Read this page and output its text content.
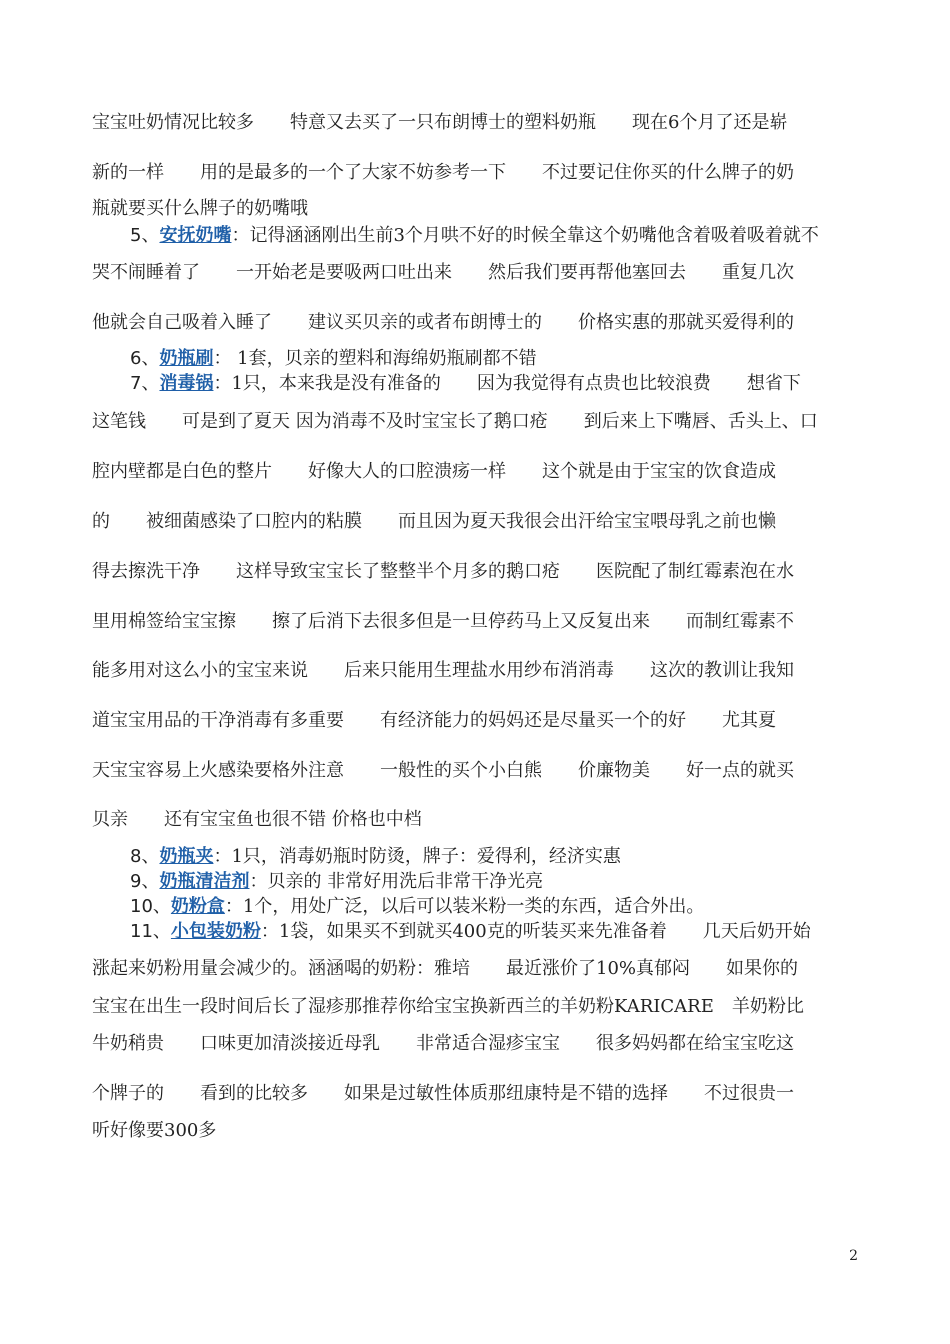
宝宝吐奶情况比较多　　特意又去买了一只布朗博士的塑料奶瓶　　现在6个月了还是崭
新的一样　　用的是最多的一个了大家不妨参考一下　　不过要记住你买的什么牌子的奶
瓶就要买什么牌子的奶嘴哦
5、安抚奶嘴：记得涵涵刚出生前3个月哄不好的时候全靠这个奶嘴他含着吸着吸着就不
哭不闹睡着了　　一开始老是要吸两口吐出来　　然后我们要再帮他塞回去　　重复几次
他就会自己吸着入睡了　　建议买贝亲的或者布朗博士的　　价格实惠的那就买爱得利的
6、奶瓶刷： 1套，贝亲的塑料和海绵奶瓶刷都不错
7、消毒锅：1只，本来我是没有准备的　　因为我觉得有点贵也比较浪费　　想省下
这笔钱　　可是到了夏天 因为消毒不及时宝宝长了鹅口疮　　到后来上下嘴唇、舌头上、口
腔内壁都是白色的整片　　好像大人的口腔溃疡一样　　这个就是由于宝宝的饮食造成
的　　被细菌感染了口腔内的粘膜　　而且因为夏天我很会出汗给宝宝喂母乳之前也懒
得去擦洗干净　　这样导致宝宝长了整整半个月多的鹅口疮　　医院配了制红霉素泡在水
里用棉签给宝宝擦　　擦了后消下去很多但是一旦停药马上又反复出来　　而制红霉素不
能多用对这么小的宝宝来说　　后来只能用生理盐水用纱布消消毒　　这次的教训让我知
道宝宝用品的干净消毒有多重要　　有经济能力的妈妈还是尽量买一个的好　　尤其夏
天宝宝容易上火感染要格外注意　　一般性的买个小白熊　　价廉物美　　好一点的就买
贝亲　　还有宝宝鱼也很不错 价格也中档
8、奶瓶夹：1只，消毒奶瓶时防烫，牌子：爱得利，经济实惠
9、奶瓶清洁剂：贝亲的 非常好用洗后非常干净光亮
10、奶粉盒：1个，用处广泛，以后可以装米粉一类的东西，适合外出。
11、小包装奶粉：1袋，如果买不到就买400克的听装买来先准备着　　几天后奶开始
涨起来奶粉用量会减少的。涵涵喝的奶粉：雅培　　最近涨价了10%真郁闷　　如果你的
宝宝在出生一段时间后长了湿疹那推荐你给宝宝换新西兰的羊奶粉KARICARE　羊奶粉比
牛奶稍贵　　口味更加清淡接近母乳　　非常适合湿疹宝宝　　很多妈妈都在给宝宝吃这
个牌子的　　看到的比较多　　如果是过敏性体质那纽康特是不错的选择　　不过很贵一
听好像要300多
2
